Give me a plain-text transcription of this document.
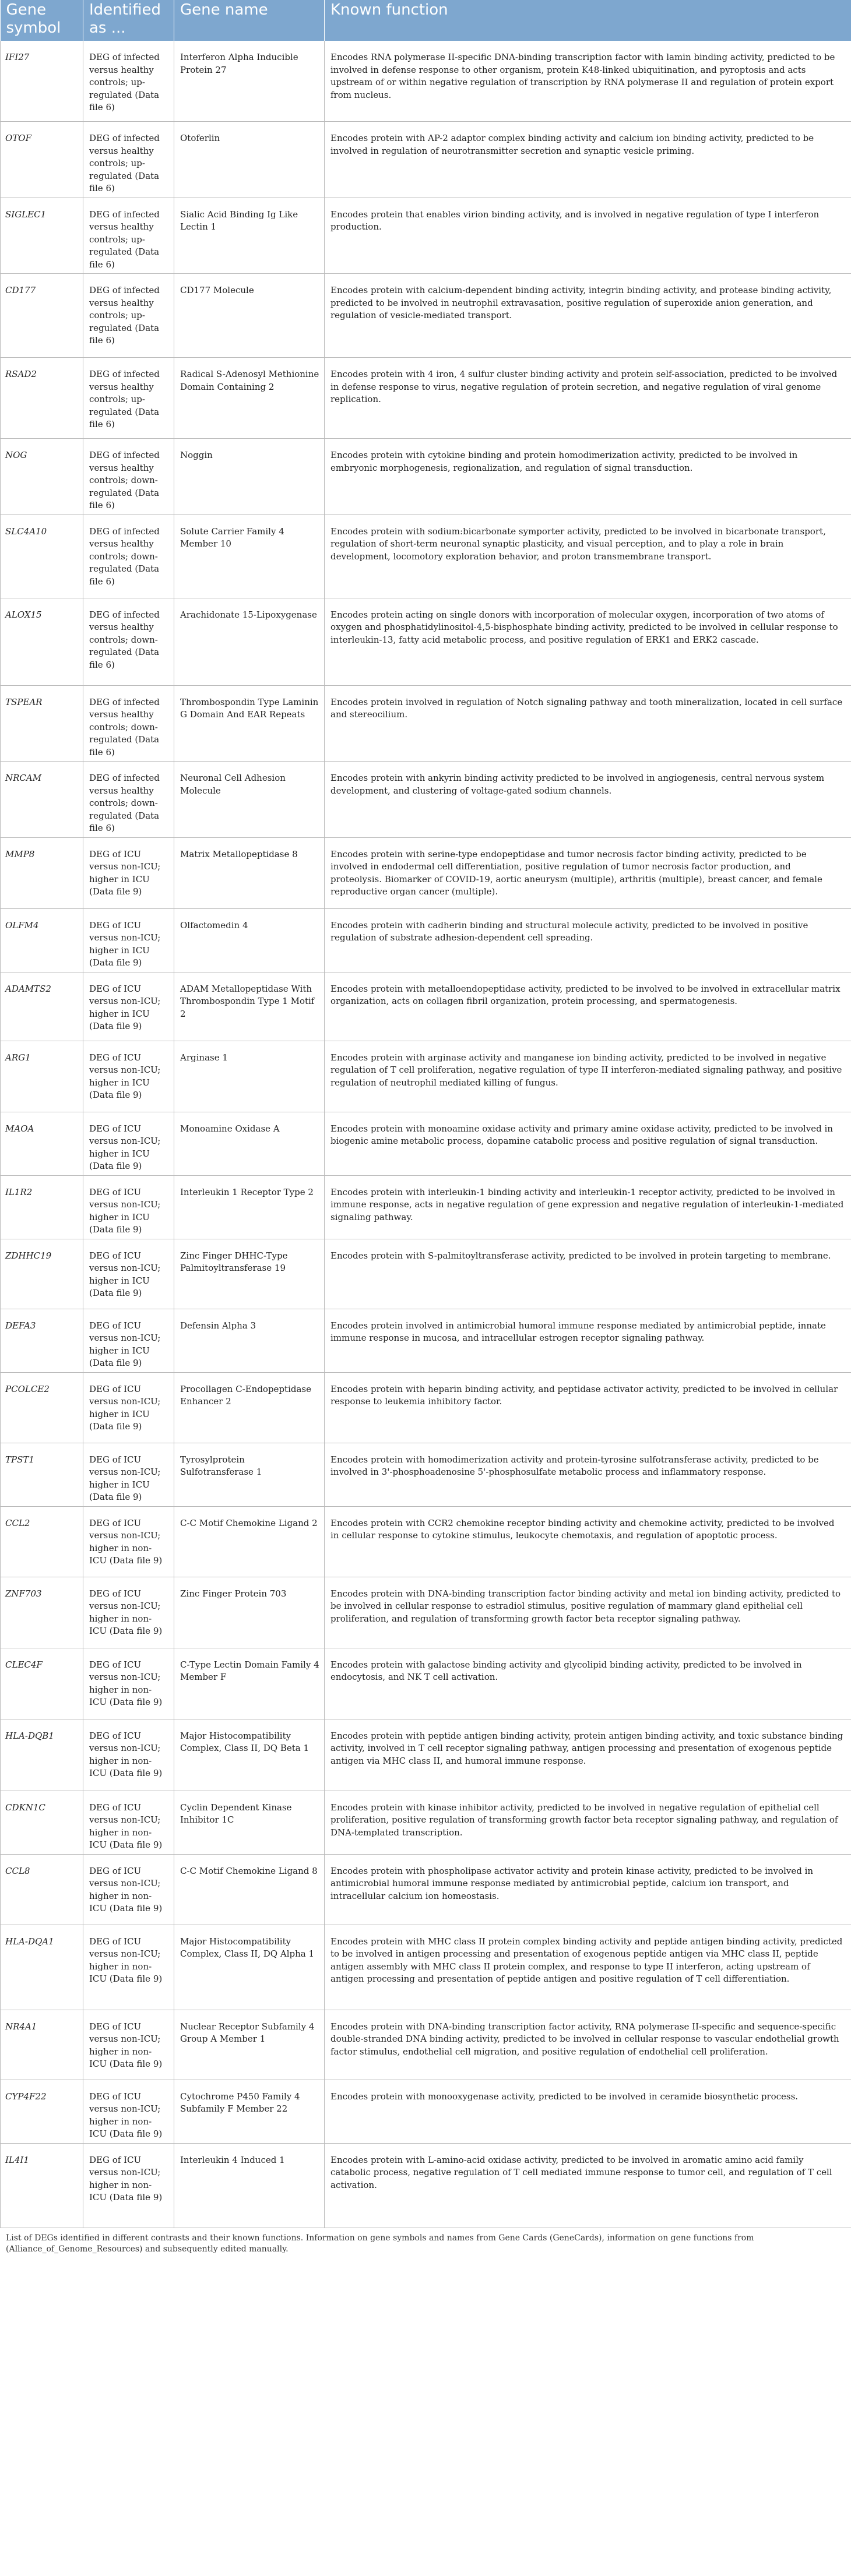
Gene symbol	Identified as ...	Gene name	Known function
IFI27	DEG of infected versus healthy controls; up-regulated (Data file 6)	Interferon Alpha Inducible Protein 27	Encodes RNA polymerase II-specific DNA-binding transcription factor with lamin binding activity, predicted to be involved in defense response to other organism, protein K48-linked ubiquitination, and pyroptosis and acts upstream of or within negative regulation of transcription by RNA polymerase II and regulation of protein export from nucleus.
OTOF	DEG of infected versus healthy controls; up-regulated (Data file 6)	Otoferlin	Encodes protein with AP-2 adaptor complex binding activity and calcium ion binding activity, predicted to be involved in regulation of neurotransmitter secretion and synaptic vesicle priming.
SIGLEC1	DEG of infected versus healthy controls; up-regulated (Data file 6)	Sialic Acid Binding Ig Like Lectin 1	Encodes protein that enables virion binding activity, and is involved in negative regulation of type I interferon production.
CD177	DEG of infected versus healthy controls; up-regulated (Data file 6)	CD177 Molecule	Encodes protein with calcium-dependent binding activity, integrin binding activity, and protease binding activity, predicted to be involved in neutrophil extravasation, positive regulation of superoxide anion generation, and regulation of vesicle-mediated transport.
RSAD2	DEG of infected versus healthy controls; up-regulated (Data file 6)	Radical S-Adenosyl Methionine Domain Containing 2	Encodes protein with 4 iron, 4 sulfur cluster binding activity and protein self-association, predicted to be involved in defense response to virus, negative regulation of protein secretion, and negative regulation of viral genome replication.
NOG	DEG of infected versus healthy controls; down-regulated (Data file 6)	Noggin	Encodes protein with cytokine binding and protein homodimerization activity, predicted to be involved in embryonic morphogenesis, regionalization, and regulation of signal transduction.
SLC4A10	DEG of infected versus healthy controls; down-regulated (Data file 6)	Solute Carrier Family 4 Member 10	Encodes protein with sodium:bicarbonate symporter activity, predicted to be involved in bicarbonate transport, regulation of short-term neuronal synaptic plasticity, and visual perception, and to play a role in brain development, locomotory exploration behavior, and proton transmembrane transport.
ALOX15	DEG of infected versus healthy controls; down-regulated (Data file 6)	Arachidonate 15-Lipoxygenase	Encodes protein acting on single donors with incorporation of molecular oxygen, incorporation of two atoms of oxygen and phosphatidylinositol-4,5-bisphosphate binding activity, predicted to be involved in cellular response to interleukin-13, fatty acid metabolic process, and positive regulation of ERK1 and ERK2 cascade.
TSPEAR	DEG of infected versus healthy controls; down-regulated (Data file 6)	Thrombospondin Type Laminin G Domain And EAR Repeats	Encodes protein involved in regulation of Notch signaling pathway and tooth mineralization, located in cell surface and stereocilium.
NRCAM	DEG of infected versus healthy controls; down-regulated (Data file 6)	Neuronal Cell Adhesion Molecule	Encodes protein with ankyrin binding activity predicted to be involved in angiogenesis, central nervous system development, and clustering of voltage-gated sodium channels.
MMP8	DEG of ICU versus non-ICU; higher in ICU (Data file 9)	Matrix Metallopeptidase 8	Encodes protein with serine-type endopeptidase and tumor necrosis factor binding activity, predicted to be involved in endodermal cell differentiation, positive regulation of tumor necrosis factor production, and proteolysis. Biomarker of COVID-19, aortic aneurysm (multiple), arthritis (multiple), breast cancer, and female reproductive organ cancer (multiple).
OLFM4	DEG of ICU versus non-ICU; higher in ICU (Data file 9)	Olfactomedin 4	Encodes protein with cadherin binding and structural molecule activity, predicted to be involved in positive regulation of substrate adhesion-dependent cell spreading.
ADAMTS2	DEG of ICU versus non-ICU; higher in ICU (Data file 9)	ADAM Metallopeptidase With Thrombospondin Type 1 Motif 2	Encodes protein with metalloendopeptidase activity, predicted to be involved to be involved in extracellular matrix organization, acts on collagen fibril organization, protein processing, and spermatogenesis.
ARG1	DEG of ICU versus non-ICU; higher in ICU (Data file 9)	Arginase 1	Encodes protein with arginase activity and manganese ion binding activity, predicted to be involved in negative regulation of T cell proliferation, negative regulation of type II interferon-mediated signaling pathway, and positive regulation of neutrophil mediated killing of fungus.
MAOA	DEG of ICU versus non-ICU; higher in ICU (Data file 9)	Monoamine Oxidase A	Encodes protein with monoamine oxidase activity and primary amine oxidase activity, predicted to be involved in biogenic amine metabolic process, dopamine catabolic process and positive regulation of signal transduction.
IL1R2	DEG of ICU versus non-ICU; higher in ICU (Data file 9)	Interleukin 1 Receptor Type 2	Encodes protein with interleukin-1 binding activity and interleukin-1 receptor activity, predicted to be involved in immune response, acts in negative regulation of gene expression and negative regulation of interleukin-1-mediated signaling pathway.
ZDHHC19	DEG of ICU versus non-ICU; higher in ICU (Data file 9)	Zinc Finger DHHC-Type Palmitoyltransferase 19	Encodes protein with S-palmitoyltransferase activity, predicted to be involved in protein targeting to membrane.
DEFA3	DEG of ICU versus non-ICU; higher in ICU (Data file 9)	Defensin Alpha 3	Encodes protein involved in antimicrobial humoral immune response mediated by antimicrobial peptide, innate immune response in mucosa, and intracellular estrogen receptor signaling pathway.
PCOLCE2	DEG of ICU versus non-ICU; higher in ICU (Data file 9)	Procollagen C-Endopeptidase Enhancer 2	Encodes protein with heparin binding activity, and peptidase activator activity, predicted to be involved in cellular response to leukemia inhibitory factor.
TPST1	DEG of ICU versus non-ICU; higher in ICU (Data file 9)	Tyrosylprotein Sulfotransferase 1	Encodes protein with homodimerization activity and protein-tyrosine sulfotransferase activity, predicted to be involved in 3'-phosphoadenosine 5'-phosphosulfate metabolic process and inflammatory response.
CCL2	DEG of ICU versus non-ICU; higher in non-ICU (Data file 9)	C-C Motif Chemokine Ligand 2	Encodes protein with CCR2 chemokine receptor binding activity and chemokine activity, predicted to be involved in cellular response to cytokine stimulus, leukocyte chemotaxis, and regulation of apoptotic process.
ZNF703	DEG of ICU versus non-ICU; higher in non-ICU (Data file 9)	Zinc Finger Protein 703	Encodes protein with DNA-binding transcription factor binding activity and metal ion binding activity, predicted to be involved in cellular response to estradiol stimulus, positive regulation of mammary gland epithelial cell proliferation, and regulation of transforming growth factor beta receptor signaling pathway.
CLEC4F	DEG of ICU versus non-ICU; higher in non-ICU (Data file 9)	C-Type Lectin Domain Family 4 Member F	Encodes protein with galactose binding activity and glycolipid binding activity, predicted to be involved in endocytosis, and NK T cell activation.
HLA-DQB1	DEG of ICU versus non-ICU; higher in non-ICU (Data file 9)	Major Histocompatibility Complex, Class II, DQ Beta 1	Encodes protein with peptide antigen binding activity, protein antigen binding activity, and toxic substance binding activity, involved in T cell receptor signaling pathway, antigen processing and presentation of exogenous peptide antigen via MHC class II, and humoral immune response.
CDKN1C	DEG of ICU versus non-ICU; higher in non-ICU (Data file 9)	Cyclin Dependent Kinase Inhibitor 1C	Encodes protein with kinase inhibitor activity, predicted to be involved in negative regulation of epithelial cell proliferation, positive regulation of transforming growth factor beta receptor signaling pathway, and regulation of DNA-templated transcription.
CCL8	DEG of ICU versus non-ICU; higher in non-ICU (Data file 9)	C-C Motif Chemokine Ligand 8	Encodes protein with phospholipase activator activity and protein kinase activity, predicted to be involved in antimicrobial humoral immune response mediated by antimicrobial peptide, calcium ion transport, and intracellular calcium ion homeostasis.
HLA-DQA1	DEG of ICU versus non-ICU; higher in non-ICU (Data file 9)	Major Histocompatibility Complex, Class II, DQ Alpha 1	Encodes protein with MHC class II protein complex binding activity and peptide antigen binding activity, predicted to be involved in antigen processing and presentation of exogenous peptide antigen via MHC class II, peptide antigen assembly with MHC class II protein complex, and response to type II interferon, acting upstream of antigen processing and presentation of peptide antigen and positive regulation of T cell differentiation.
NR4A1	DEG of ICU versus non-ICU; higher in non-ICU (Data file 9)	Nuclear Receptor Subfamily 4 Group A Member 1	Encodes protein with DNA-binding transcription factor activity, RNA polymerase II-specific and sequence-specific double-stranded DNA binding activity, predicted to be involved in cellular response to vascular endothelial growth factor stimulus, endothelial cell migration, and positive regulation of endothelial cell proliferation.
CYP4F22	DEG of ICU versus non-ICU; higher in non-ICU (Data file 9)	Cytochrome P450 Family 4 Subfamily F Member 22	Encodes protein with monooxygenase activity, predicted to be involved in ceramide biosynthetic process.
IL4I1	DEG of ICU versus non-ICU; higher in non-ICU (Data file 9)	Interleukin 4 Induced 1	Encodes protein with L-amino-acid oxidase activity, predicted to be involved in aromatic amino acid family catabolic process, negative regulation of T cell mediated immune response to tumor cell, and regulation of T cell activation.
List of DEGs identified in different contrasts and their known functions. Information on gene symbols and names from Gene Cards (GeneCards), information on gene functions from (Alliance_of_Genome_Resources) and subsequently edited manually.
